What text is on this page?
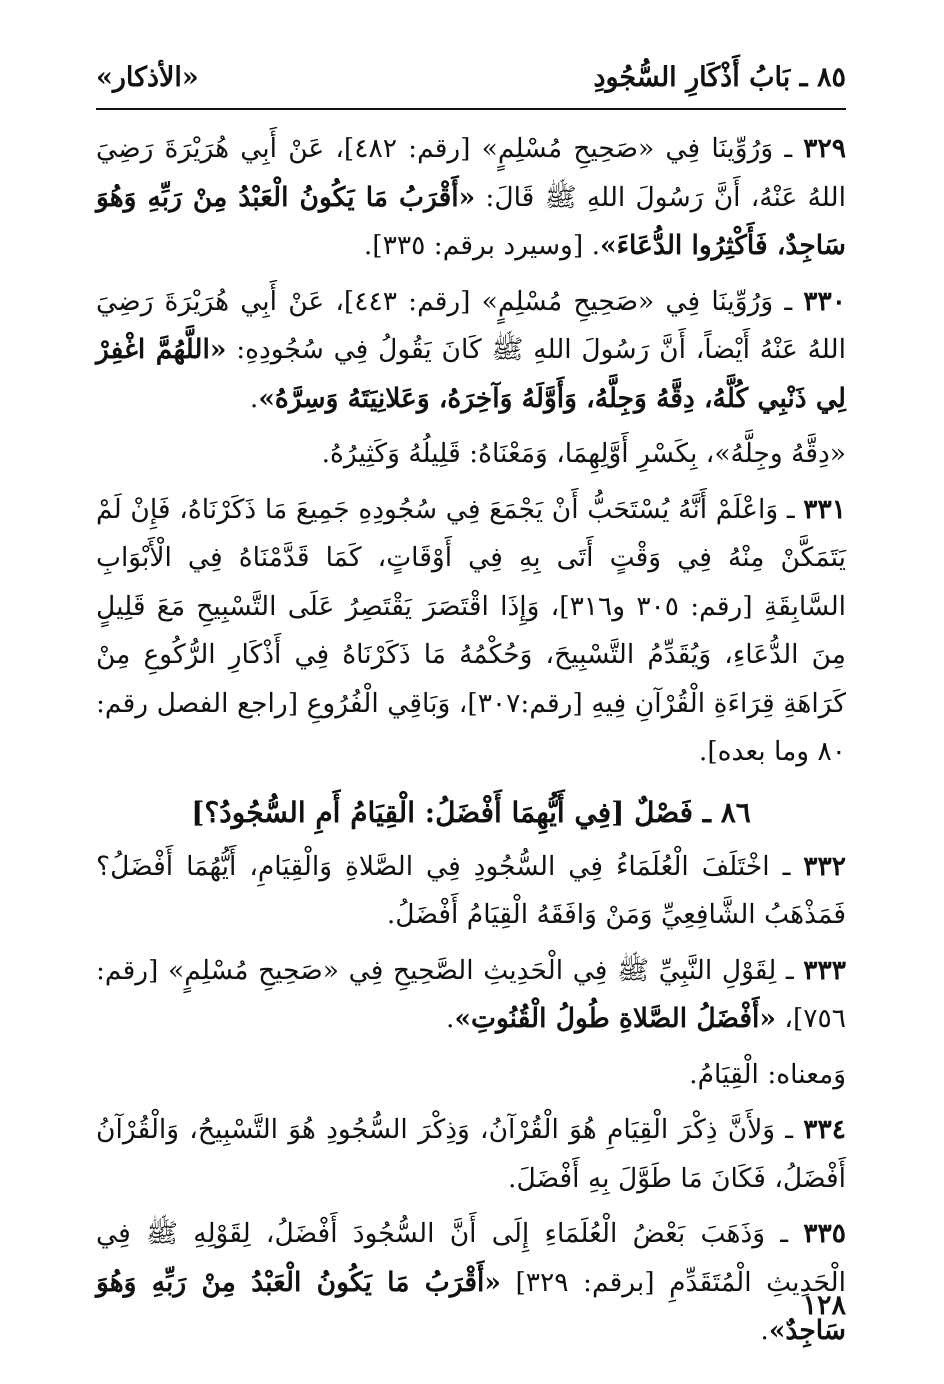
٨٥ ـ بَابُ أَذْكَارِ السُّجُودِ
«الأذكار»

٣٢٩ ـ وَرُوِّينَا فِي «صَحِيحِ مُسْلِمٍ» [رقم: ٤٨٢]، عَنْ أَبِي هُرَيْرَةَ رَضِيَ اللهُ عَنْهُ، أَنَّ رَسُولَ اللهِ ﷺ قَالَ: «أَقْرَبُ مَا يَكُونُ الْعَبْدُ مِنْ رَبِّهِ وَهُوَ سَاجِدٌ، فَأَكْثِرُوا الدُّعَاءَ». [وسيرد برقم: ٣٣٥].

٣٣٠ ـ وَرُوِّينَا فِي «صَحِيحِ مُسْلِمٍ» [رقم: ٤٤٣]، عَنْ أَبِي هُرَيْرَةَ رَضِيَ اللهُ عَنْهُ أَيْضاً، أَنَّ رَسُولَ اللهِ ﷺ كَانَ يَقُولُ فِي سُجُودِهِ: «اللَّهُمَّ اغْفِرْ لِي ذَنْبِي كُلَّهُ، دِقَّهُ وَجِلَّهُ، وَأَوَّلَهُ وَآخِرَهُ، وَعَلانِيَتَهُ وَسِرَّهُ».

«دِقَّهُ وجِلَّهُ»، بِكَسْرِ أَوَّلِهِمَا، وَمَعْنَاهُ: قَلِيلُهُ وَكَثِيرُهُ.

٣٣١ ـ وَاعْلَمْ أَنَّهُ يُسْتَحَبُّ أَنْ يَجْمَعَ فِي سُجُودِهِ جَمِيعَ مَا ذَكَرْنَاهُ، فَإِنْ لَمْ يَتَمَكَّنْ مِنْهُ فِي وَقْتٍ أَتَى بِهِ فِي أَوْقَاتٍ، كَمَا قَدَّمْنَاهُ فِي الْأَبْوَابِ السَّابِقَةِ [رقم: ٣٠٥ و٣١٦]، وَإِذَا اقْتَصَرَ يَقْتَصِرُ عَلَى التَّسْبِيحِ مَعَ قَلِيلٍ مِنَ الدُّعَاءِ، وَيُقَدِّمُ التَّسْبِيحَ، وَحُكْمُهُ مَا ذَكَرْنَاهُ فِي أَذْكَارِ الرُّكُوعِ مِنْ كَرَاهَةِ قِرَاءَةِ الْقُرْآنِ فِيهِ [رقم:٣٠٧]، وَبَاقِي الْفُرُوعِ [راجع الفصل رقم: ٨٠ وما بعده].

٨٦ ـ فَصْلٌ [فِي أَيُّهِمَا أَفْضَلُ: الْقِيَامُ أَمِ السُّجُودُ؟]

٣٣٢ ـ اخْتَلَفَ الْعُلَمَاءُ فِي السُّجُودِ فِي الصَّلاةِ وَالْقِيَامِ، أَيُّهُمَا أَفْضَلُ؟ فَمَذْهَبُ الشَّافِعِيِّ وَمَنْ وَافَقَهُ الْقِيَامُ أَفْضَلُ.

٣٣٣ ـ لِقَوْلِ النَّبِيِّ ﷺ فِي الْحَدِيثِ الصَّحِيحِ فِي «صَحِيحِ مُسْلِمٍ» [رقم: ٧٥٦]، «أَفْضَلُ الصَّلاةِ طُولُ الْقُنُوتِ».

وَمعناه: الْقِيَامُ.

٣٣٤ ـ وَلأَنَّ ذِكْرَ الْقِيَامِ هُوَ الْقُرْآنُ، وَذِكْرَ السُّجُودِ هُوَ التَّسْبِيحُ، وَالْقُرْآنُ أَفْضَلُ، فَكَانَ مَا طَوَّلَ بِهِ أَفْضَلَ.

٣٣٥ ـ وَذَهَبَ بَعْضُ الْعُلَمَاءِ إِلَى أَنَّ السُّجُودَ أَفْضَلُ، لِقَوْلِهِ ﷺ فِي الْحَدِيثِ الْمُتَقَدِّمِ [برقم: ٣٢٩] «أَقْرَبُ مَا يَكُونُ الْعَبْدُ مِنْ رَبِّهِ وَهُوَ سَاجِدٌ».

١٢٨
